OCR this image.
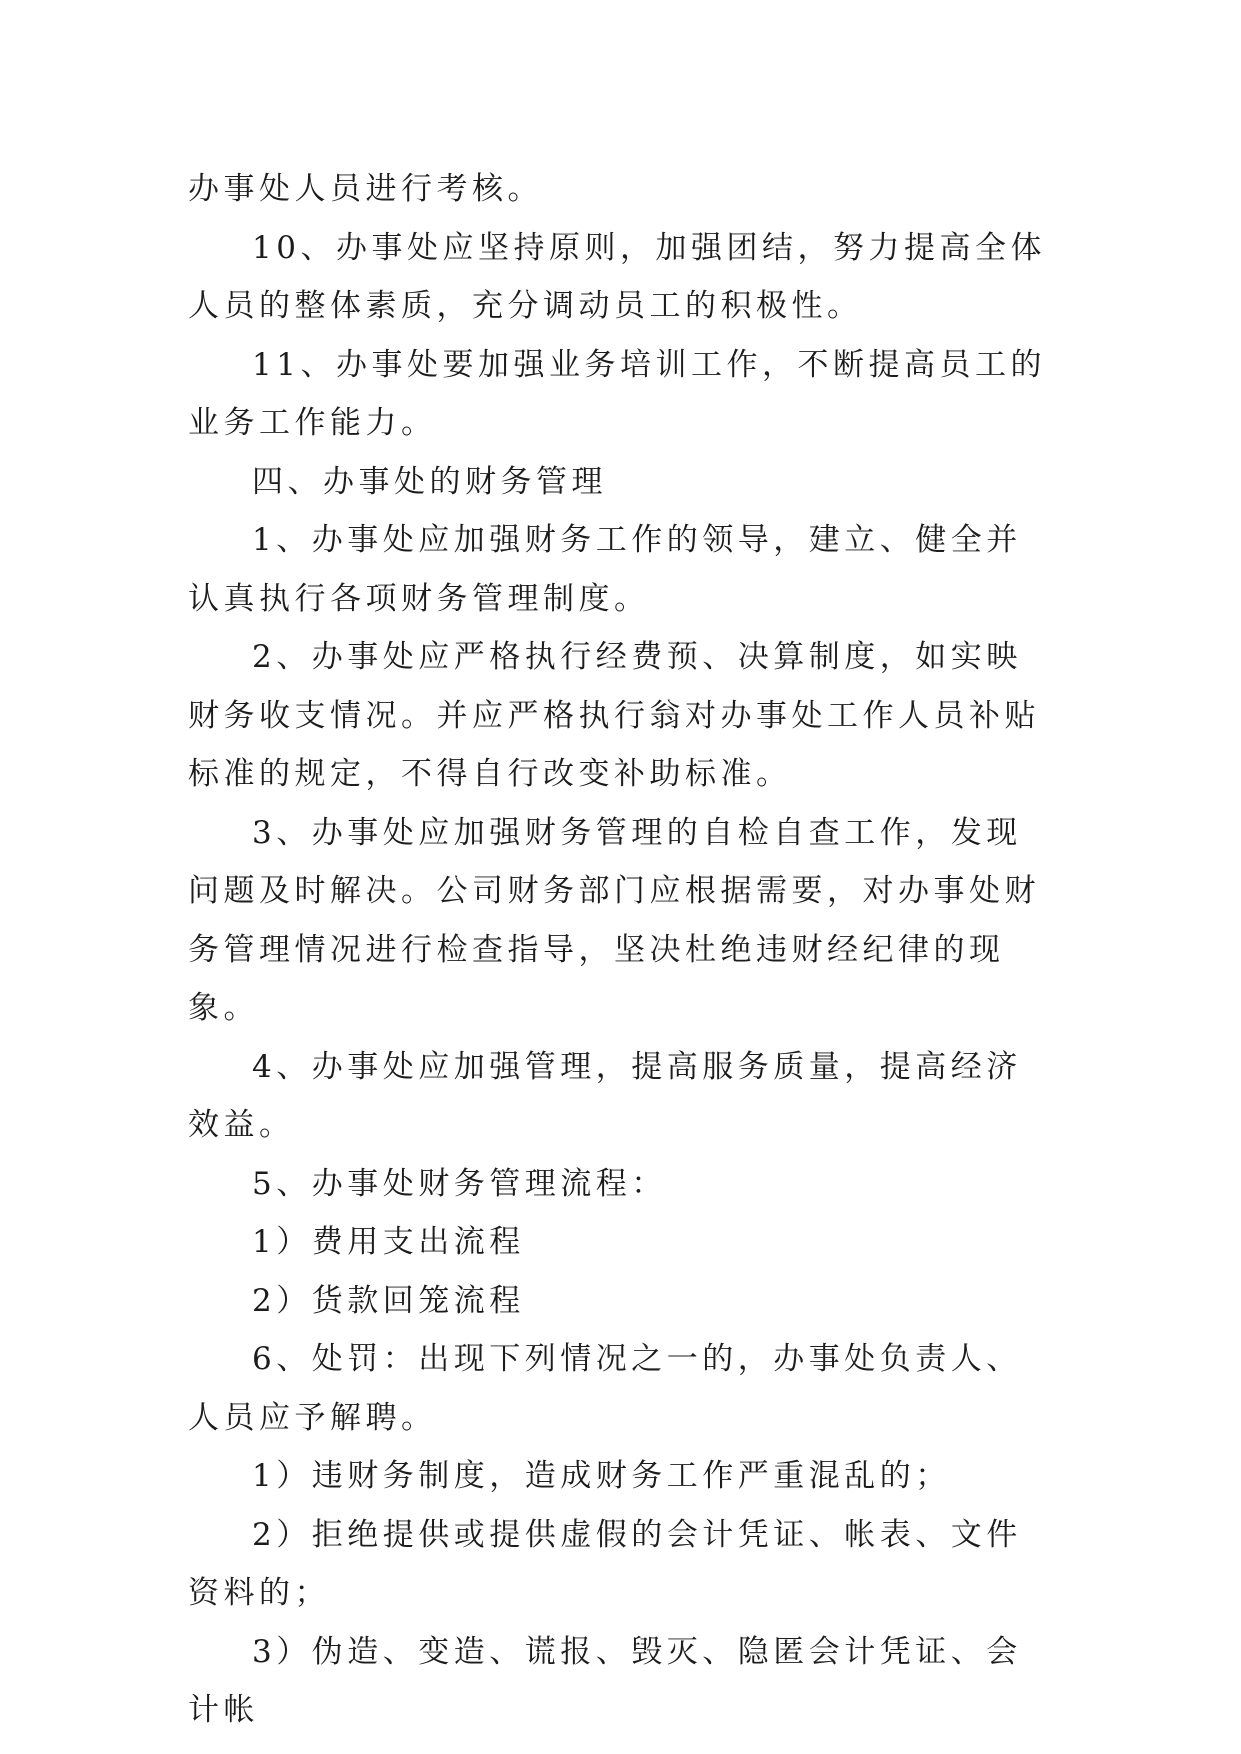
办事处人员进行考核。

10、办事处应坚持原则，加强团结，努力提高全体人员的整体素质，充分调动员工的积极性。

11、办事处要加强业务培训工作，不断提高员工的业务工作能力。

四、办事处的财务管理

1、办事处应加强财务工作的领导，建立、健全并认真执行各项财务管理制度。

2、办事处应严格执行经费预、决算制度，如实映财务收支情况。并应严格执行翁对办事处工作人员补贴标准的规定，不得自行改变补助标准。

3、办事处应加强财务管理的自检自查工作，发现问题及时解决。公司财务部门应根据需要，对办事处财务管理情况进行检查指导，坚决杜绝违财经纪律的现象。

4、办事处应加强管理，提高服务质量，提高经济效益。

5、办事处财务管理流程：

1）费用支出流程

2）货款回笼流程

6、处罚：出现下列情况之一的，办事处负责人、人员应予解聘。

1）违财务制度，造成财务工作严重混乱的；

2）拒绝提供或提供虚假的会计凭证、帐表、文件资料的；

3）伪造、变造、谎报、毁灭、隐匿会计凭证、会计帐
